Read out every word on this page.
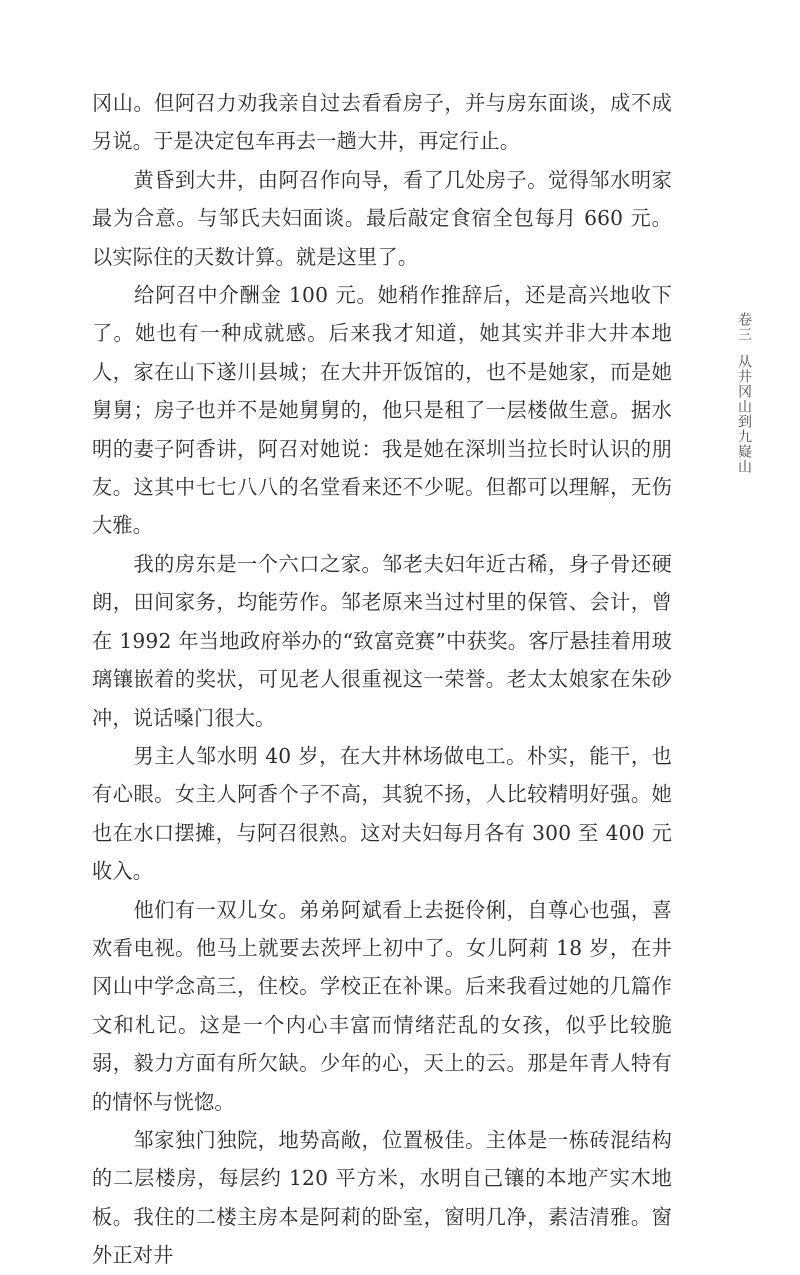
冈山。但阿召力劝我亲自过去看看房子，并与房东面谈，成不成另说。于是决定包车再去一趟大井，再定行止。

　　黄昏到大井，由阿召作向导，看了几处房子。觉得邹水明家最为合意。与邹氏夫妇面谈。最后敲定食宿全包每月 660 元。以实际住的天数计算。就是这里了。

　　给阿召中介酬金 100 元。她稍作推辞后，还是高兴地收下了。她也有一种成就感。后来我才知道，她其实并非大井本地人，家在山下遂川县城；在大井开饭馆的，也不是她家，而是她舅舅；房子也并不是她舅舅的，他只是租了一层楼做生意。据水明的妻子阿香讲，阿召对她说：我是她在深圳当拉长时认识的朋友。这其中七七八八的名堂看来还不少呢。但都可以理解，无伤大雅。

　　我的房东是一个六口之家。邹老夫妇年近古稀，身子骨还硬朗，田间家务，均能劳作。邹老原来当过村里的保管、会计，曾在 1992 年当地政府举办的“致富竞赛”中获奖。客厅悬挂着用玻璃镶嵌着的奖状，可见老人很重视这一荣誉。老太太娘家在朱砂冲，说话嗓门很大。

　　男主人邹水明 40 岁，在大井林场做电工。朴实，能干，也有心眼。女主人阿香个子不高，其貌不扬，人比较精明好强。她也在水口摆摊，与阿召很熟。这对夫妇每月各有 300 至 400 元收入。

　　他们有一双儿女。弟弟阿斌看上去挺伶俐，自尊心也强，喜欢看电视。他马上就要去茨坪上初中了。女儿阿莉 18 岁，在井冈山中学念高三，住校。学校正在补课。后来我看过她的几篇作文和札记。这是一个内心丰富而情绪茫乱的女孩，似乎比较脆弱，毅力方面有所欠缺。少年的心，天上的云。那是年青人特有的情怀与恍惚。

　　邹家独门独院，地势高敞，位置极佳。主体是一栋砖混结构的二层楼房，每层约 120 平方米，水明自己镶的本地产实木地板。我住的二楼主房本是阿莉的卧室，窗明几净，素洁清雅。窗外正对井

卷三
从井冈山到九嶷山
